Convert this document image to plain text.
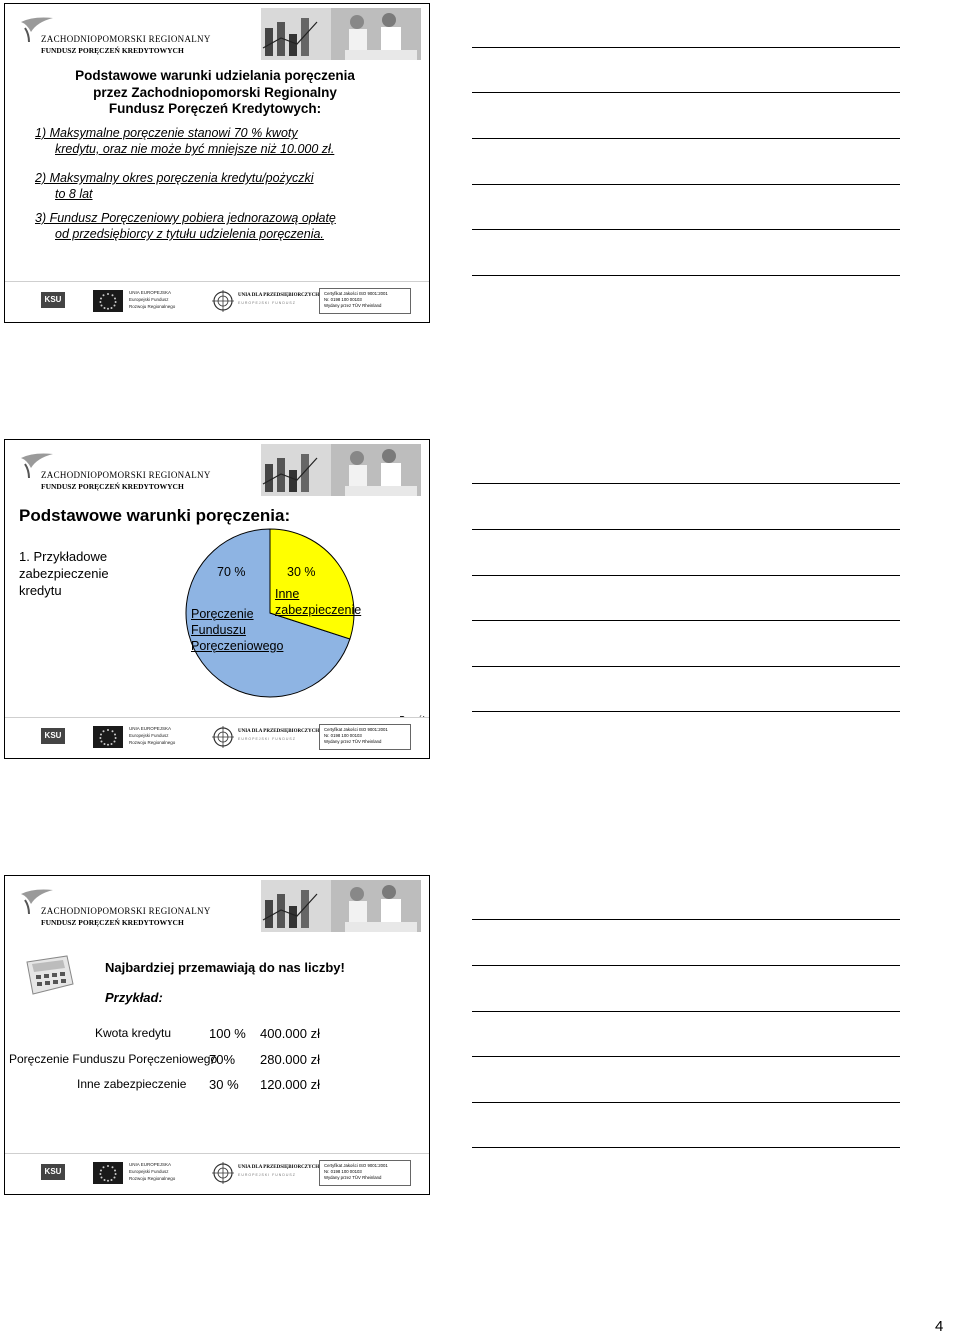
ZACHODNIOPOMORSKI REGIONALNY
FUNDUSZ PORĘCZEŃ KREDYTOWYCH
Podstawowe warunki udzielania poręczenia
przez Zachodniopomorski Regionalny
Fundusz Poręczeń Kredytowych:
1) Maksymalne poręczenie stanowi 70 % kwoty
kredytu, oraz nie może być mniejsze niż 10.000 zł.
2) Maksymalny okres poręczenia kredytu/pożyczki
to 8 lat
3) Fundusz Poręczeniowy pobiera jednorazową opłatę
od przedsiębiorcy z tytułu udzielenia poręczenia.
KSU
UNIA EUROPEJSKA
Europejski Fundusz
Rozwoju Regionalnego
UNIA DLA PRZEDSIĘBIORCZYCH
EUROPEJSKI FUNDUSZ
Certyfikat Jakości ISO 9001:2001
Nr. 0198 100 00103
Wydany przez TÜV Rheinland
ZACHODNIOPOMORSKI REGIONALNY
FUNDUSZ PORĘCZEŃ KREDYTOWYCH
Podstawowe warunki poręczenia:
1. Przykładowe
zabezpieczenie
kredytu
70 %	30 %
Inne
zabezpieczenie
Poręczenie
Funduszu
Poręczeniowego
KSU
UNIA EUROPEJSKA
Europejski Fundusz
Rozwoju Regionalnego
UNIA DLA PRZEDSIĘBIORCZYCH
EUROPEJSKI FUNDUSZ
Certyfikat Jakości ISO 9001:2001
Nr. 0198 100 00103
Wydany przez TÜV Rheinland
ZACHODNIOPOMORSKI REGIONALNY
FUNDUSZ PORĘCZEŃ KREDYTOWYCH
Najbardziej przemawiają do nas liczby!
Przykład:
Kwota kredytu	100 % 400.000 zł
Poręczenie Funduszu Poręczeniowego
70% 280.000 zł
Inne zabezpieczenie 30 % 120.000 zł
KSU
UNIA EUROPEJSKA
Europejski Fundusz
Rozwoju Regionalnego
UNIA DLA PRZEDSIĘBIORCZYCH
EUROPEJSKI FUNDUSZ
Certyfikat Jakości ISO 9001:2001
Nr. 0198 100 00103
Wydany przez TÜV Rheinland
4
